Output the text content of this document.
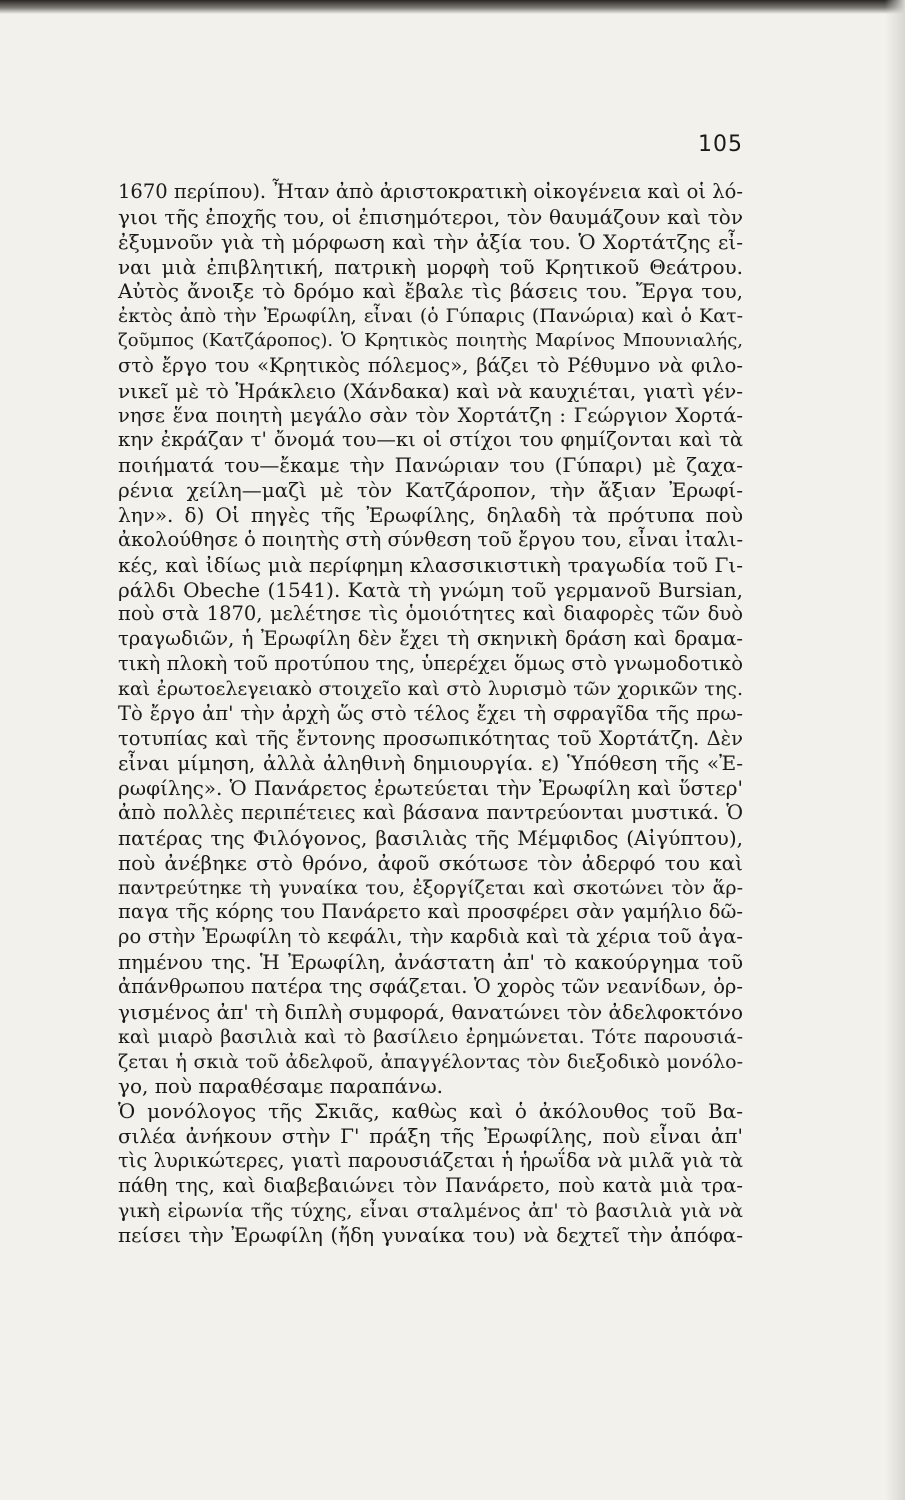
105
1670 περίπου). Ἦταν ἀπὸ ἀριστοκρατικὴ οἰκογένεια καὶ οἱ λό-
γιοι τῆς ἐποχῆς του, οἱ ἐπισημότεροι, τὸν θαυμάζουν καὶ τὸν
ἐξυμνοῦν γιὰ τὴ μόρφωση καὶ τὴν ἀξία του. Ὁ Χορτάτζης εἶ-
ναι μιὰ ἐπιβλητική, πατρικὴ μορφὴ τοῦ Κρητικοῦ Θεάτρου.
Αὐτὸς ἄνοιξε τὸ δρόμο καὶ ἔβαλε τὶς βάσεις του. Ἔργα του,
ἐκτὸς ἀπὸ τὴν Ἐρωφίλη, εἶναι (ὁ Γύπαρις (Πανώρια) καὶ ὁ Κατ-
ζοῦμπος (Κατζάροπος). Ὁ Κρητικὸς ποιητὴς Μαρίνος Μπουνιαλής,
στὸ ἔργο του «Κρητικὸς πόλεμος», βάζει τὸ Ρέθυμνο νὰ φιλο-
νικεῖ μὲ τὸ Ἡράκλειο (Χάνδακα) καὶ νὰ καυχιέται, γιατὶ γέν-
νησε ἕνα ποιητὴ μεγάλο σὰν τὸν Χορτάτζη : Γεώργιον Χορτά-
κην ἐκράζαν τ' ὄνομά του—κι οἱ στίχοι του φημίζονται καὶ τὰ
ποιήματά του—ἔκαμε τὴν Πανώριαν του (Γύπαρι) μὲ ζαχα-
ρένια χείλη—μαζὶ μὲ τὸν Κατζάροπον, τὴν ἄξιαν Ἐρωφί-
λην». δ) Οἱ πηγὲς τῆς Ἐρωφίλης, δηλαδὴ τὰ πρότυπα ποὺ
ἀκολούθησε ὁ ποιητὴς στὴ σύνθεση τοῦ ἔργου του, εἶναι ἰταλι-
κές, καὶ ἰδίως μιὰ περίφημη κλασσικιστικὴ τραγωδία τοῦ Γι-
ράλδι Obeche (1541). Κατὰ τὴ γνώμη τοῦ γερμανοῦ Bursian,
ποὺ στὰ 1870, μελέτησε τὶς ὁμοιότητες καὶ διαφορὲς τῶν δυὸ
τραγωδιῶν, ἡ Ἐρωφίλη δὲν ἔχει τὴ σκηνικὴ δράση καὶ δραμα-
τικὴ πλοκὴ τοῦ προτύπου της, ὑπερέχει ὅμως στὸ γνωμοδοτικὸ
καὶ ἐρωτοελεγειακὸ στοιχεῖο καὶ στὸ λυρισμὸ τῶν χορικῶν της.
Τὸ ἔργο ἀπ' τὴν ἀρχὴ ὥς στὸ τέλος ἔχει τὴ σφραγῖδα τῆς πρω-
τοτυπίας καὶ τῆς ἔντονης προσωπικότητας τοῦ Χορτάτζη. Δὲν
εἶναι μίμηση, ἀλλὰ ἀληθινὴ δημιουργία. ε) Ὑπόθεση τῆς «Ἐ-
ρωφίλης». Ὁ Πανάρετος ἐρωτεύεται τὴν Ἐρωφίλη καὶ ὕστερ'
ἀπὸ πολλὲς περιπέτειες καὶ βάσανα παντρεύονται μυστικά. Ὁ
πατέρας της Φιλόγονος, βασιλιὰς τῆς Μέμφιδος (Αἰγύπτου),
ποὺ ἀνέβηκε στὸ θρόνο, ἀφοῦ σκότωσε τὸν ἀδερφό του καὶ
παντρεύτηκε τὴ γυναίκα του, ἐξοργίζεται καὶ σκοτώνει τὸν ἅρ-
παγα τῆς κόρης του Πανάρετο καὶ προσφέρει σὰν γαμήλιο δῶ-
ρο στὴν Ἐρωφίλη τὸ κεφάλι, τὴν καρδιὰ καὶ τὰ χέρια τοῦ ἀγα-
πημένου της. Ἡ Ἐρωφίλη, ἀνάστατη ἀπ' τὸ κακούργημα τοῦ
ἀπάνθρωπου πατέρα της σφάζεται. Ὁ χορὸς τῶν νεανίδων, ὀρ-
γισμένος ἀπ' τὴ διπλὴ συμφορά, θανατώνει τὸν ἀδελφοκτόνο
καὶ μιαρὸ βασιλιὰ καὶ τὸ βασίλειο ἐρημώνεται. Τότε παρουσιά-
ζεται ἡ σκιὰ τοῦ ἀδελφοῦ, ἀπαγγέλοντας τὸν διεξοδικὸ μονόλο-
γο, ποὺ παραθέσαμε παραπάνω.
Ὁ μονόλογος τῆς Σκιᾶς, καθὼς καὶ ὁ ἀκόλουθος τοῦ Βα-
σιλέα ἀνήκουν στὴν Γ' πράξη τῆς Ἐρωφίλης, ποὺ εἶναι ἀπ'
τὶς λυρικώτερες, γιατὶ παρουσιάζεται ἡ ἡρωΐδα νὰ μιλᾶ γιὰ τὰ
πάθη της, καὶ διαβεβαιώνει τὸν Πανάρετο, ποὺ κατὰ μιὰ τρα-
γικὴ εἰρωνία τῆς τύχης, εἶναι σταλμένος ἀπ' τὸ βασιλιὰ γιὰ νὰ
πείσει τὴν Ἐρωφίλη (ἤδη γυναίκα του) νὰ δεχτεῖ τὴν ἀπόφα-
